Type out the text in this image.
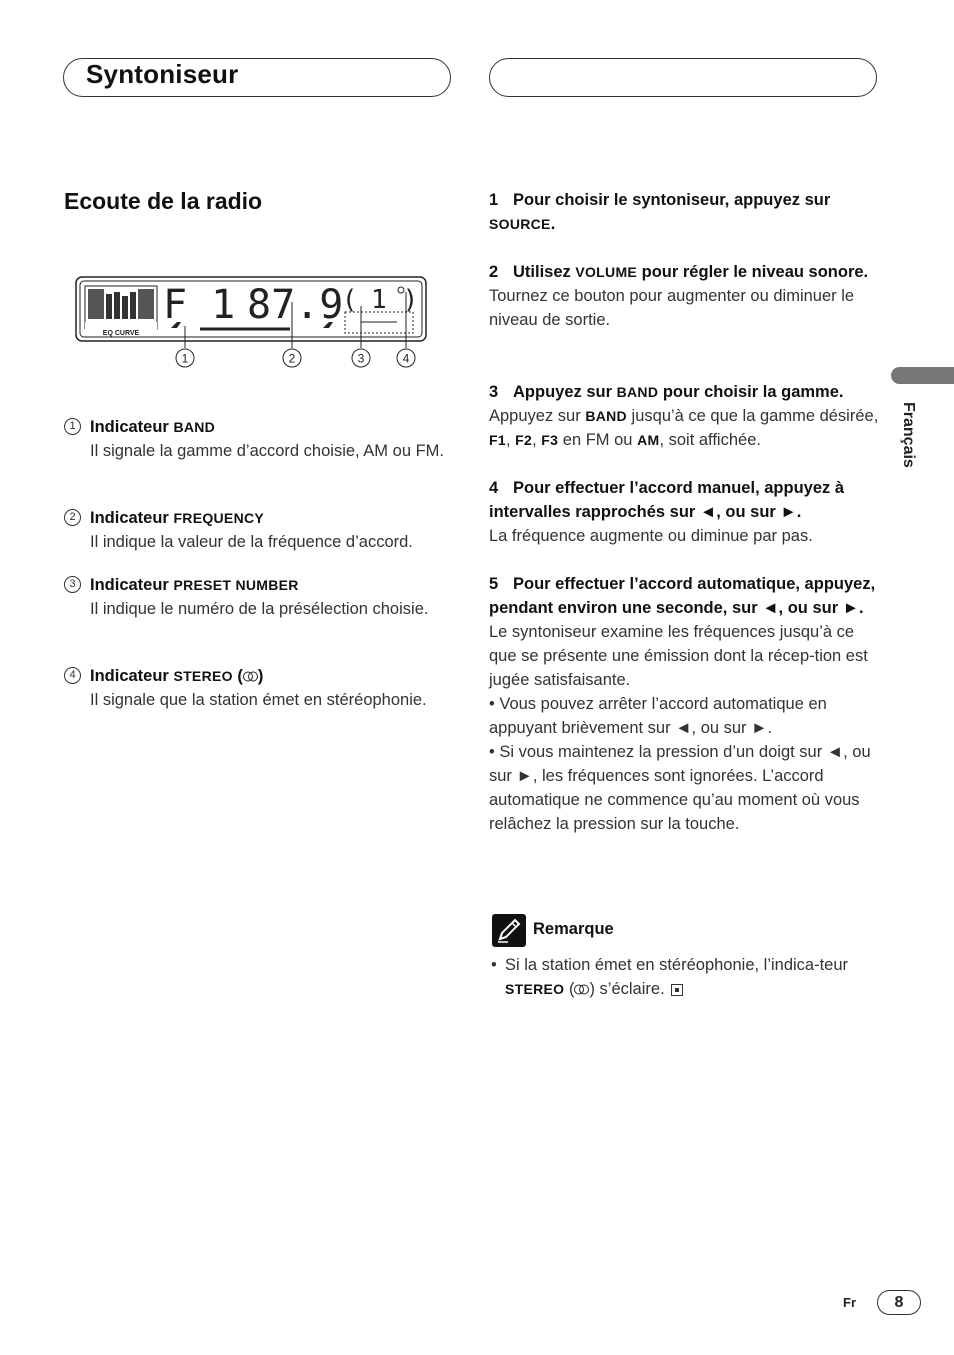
Syntoniseur
Français
Ecoute de la radio
F 1 87.9 ( 1 )
1	2	3	4
EQ CURVE
1 Indicateur BAND
Il signale la gamme d’accord choisie, AM ou FM.
2 Indicateur FREQUENCY
Il indique la valeur de la fréquence d’accord.
3 Indicateur PRESET NUMBER
Il indique le numéro de la présélection choisie.
4 Indicateur STEREO ( )
Il signale que la station émet en stéréophonie.
1 Pour choisir le syntoniseur, appuyez sur SOURCE.
2 Utilisez VOLUME pour régler le niveau sonore.
Tournez ce bouton pour augmenter ou diminuer le niveau de sortie.
3 Appuyez sur BAND pour choisir la gamme.
Appuyez sur BAND jusqu’à ce que la gamme désirée, F1, F2, F3 en FM ou AM, soit affichée.
4 Pour effectuer l’accord manuel, appuyez à intervalles rapprochés sur ◄, ou sur ►.
La fréquence augmente ou diminue par pas.
5 Pour effectuer l’accord automatique, appuyez, pendant environ une seconde, sur ◄, ou sur ►.
Le syntoniseur examine les fréquences jusqu’à ce que se présente une émission dont la récep-tion est jugée satisfaisante.
• Vous pouvez arrêter l’accord automatique en appuyant brièvement sur ◄, ou sur ►.
• Si vous maintenez la pression d’un doigt sur ◄, ou sur ►, les fréquences sont ignorées. L’accord automatique ne commence qu’au moment où vous relâchez la pression sur la touche.
Remarque
• Si la station émet en stéréophonie, l’indica-teur STEREO ( ) s’éclaire.
Fr	8
